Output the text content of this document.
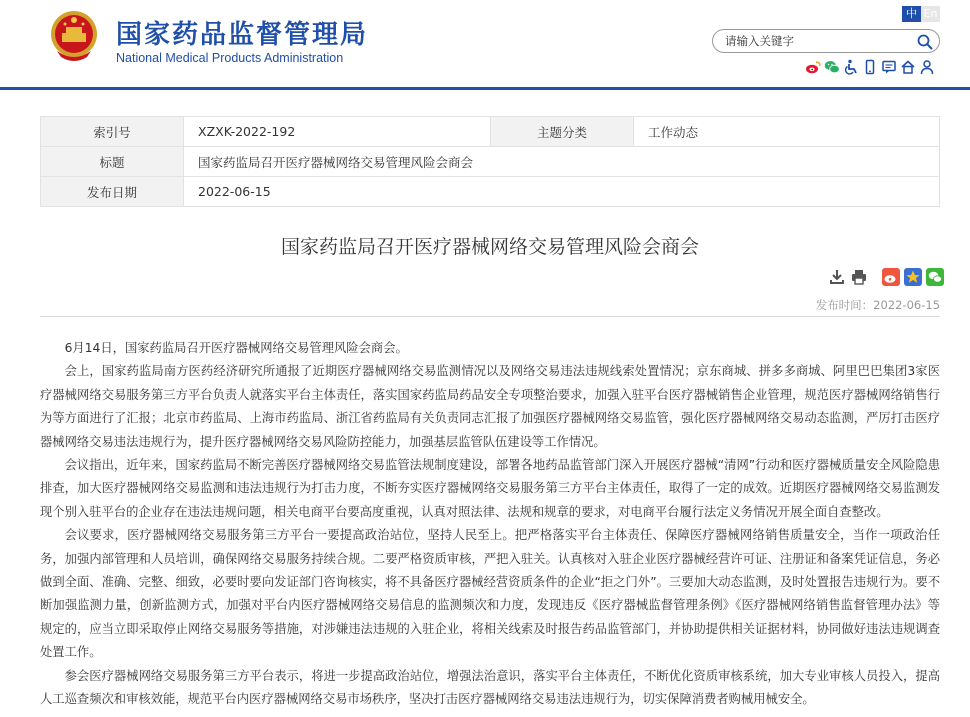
国家药品监督管理局
National Medical Products Administration
中 En
请输入关键字
索引号	XZXK-2022-192	主题分类	工作动态
标题	国家药监局召开医疗器械网络交易管理风险会商会		
发布日期	2022-06-15		
国家药监局召开医疗器械网络交易管理风险会商会
发布时间：2022-06-15

6月14日，国家药监局召开医疗器械网络交易管理风险会商会。

会上，国家药监局南方医药经济研究所通报了近期医疗器械网络交易监测情况以及网络交易违法违规线索处置情况；京东商城、拼多多商城、阿里巴巴集团3家医疗器械网络交易服务第三方平台负责人就落实平台主体责任，落实国家药监局药品安全专项整治要求，加强入驻平台医疗器械销售企业管理，规范医疗器械网络销售行为等方面进行了汇报；北京市药监局、上海市药监局、浙江省药监局有关负责同志汇报了加强医疗器械网络交易监管，强化医疗器械网络交易动态监测，严厉打击医疗器械网络交易违法违规行为，提升医疗器械网络交易风险防控能力，加强基层监管队伍建设等工作情况。

会议指出，近年来，国家药监局不断完善医疗器械网络交易监管法规制度建设，部署各地药品监管部门深入开展医疗器械“清网”行动和医疗器械质量安全风险隐患排查，加大医疗器械网络交易监测和违法违规行为打击力度，不断夯实医疗器械网络交易服务第三方平台主体责任，取得了一定的成效。近期医疗器械网络交易监测发现个别入驻平台的企业存在违法违规问题，相关电商平台要高度重视，认真对照法律、法规和规章的要求，对电商平台履行法定义务情况开展全面自查整改。

会议要求，医疗器械网络交易服务第三方平台一要提高政治站位，坚持人民至上。把严格落实平台主体责任、保障医疗器械网络销售质量安全，当作一项政治任务，加强内部管理和人员培训，确保网络交易服务持续合规。二要严格资质审核，严把入驻关。认真核对入驻企业医疗器械经营许可证、注册证和备案凭证信息，务必做到全面、准确、完整、细致，必要时要向发证部门咨询核实，将不具备医疗器械经营资质条件的企业“拒之门外”。三要加大动态监测，及时处置报告违规行为。要不断加强监测力量，创新监测方式，加强对平台内医疗器械网络交易信息的监测频次和力度，发现违反《医疗器械监督管理条例》《医疗器械网络销售监督管理办法》等规定的，应当立即采取停止网络交易服务等措施，对涉嫌违法违规的入驻企业，将相关线索及时报告药品监管部门，并协助提供相关证据材料，协同做好违法违规调查处置工作。

参会医疗器械网络交易服务第三方平台表示，将进一步提高政治站位，增强法治意识，落实平台主体责任，不断优化资质审核系统，加大专业审核人员投入，提高人工巡查频次和审核效能，规范平台内医疗器械网络交易市场秩序，坚决打击医疗器械网络交易违法违规行为，切实保障消费者购械用械安全。
